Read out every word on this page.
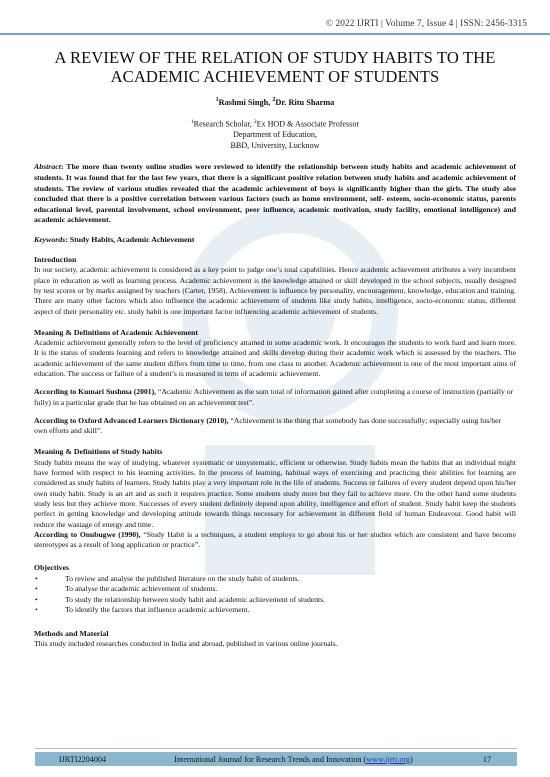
© 2022 IJRTI | Volume 7, Issue 4 | ISSN: 2456-3315
A REVIEW OF THE RELATION OF STUDY HABITS TO THE ACADEMIC ACHIEVEMENT OF STUDENTS
$^1$Rashmi Singh, $^2$Dr. Ritu Sharma
$^1$Research Scholar, $^2$Ex HOD & Associate Professor
Department of Education,
BBD, University, Lucknow
Abstract: The more than twenty online studies were reviewed to identify the relationship between study habits and academic achievement of students. It was found that for the last few years, that there is a significant positive relation between study habits and academic achievement of students. The review of various studies revealed that the academic achievement of boys is significantly higher than the girls. The study also concluded that there is a positive correlation between various factors (such as home environment, self- esteem, socio-economic status, parents educational level, parental involvement, school environment, peer influence, academic motivation, study facility, emotional intelligence) and academic achievement.
Keywords: Study Habits, Academic Achievement
Introduction
In our society, academic achievement is considered as a key point to judge one’s total capabilities. Hence academic achievement attributes a very incumbent place in education as well as learning process. Academic achievement is the knowledge attained or skill developed in the school subjects, usually designed by test scores or by marks assigned by teachers (Carter, 1958). Achievement is influence by personality, encouragement, knowledge, education and training. There are many other factors which also influence the academic achievement of students like study habits, intelligence, socio-economic status, different aspect of their personality etc. study habit is one important factor influencing academic achievement of students.
Meaning & Definitions of Academic Achievement
Academic achievement generally refers to the level of proficiency attained in some academic work. It encourages the students to work hard and learn more. It is the status of students learning and refers to knowledge attained and skills develop during their academic work which is assessed by the teachers. The academic achievement of the same student differs from time to time, from one class to another. Academic achievement is one of the most important aims of education. The success or failure of a student’s is measured in term of academic achievement.
According to Kumari Sushma (2001), “Academic Achievement as the sum total of information gained after completing a course of instruction (partially or fully) in a particular grade that he has obtained on an achievement test”.
According to Oxford Advanced Learners Dictionary (2010), “Achievement is the thing that somebody has done successfully; especially using his/her own efforts and skill”.
Meaning & Definitions of Study habits
Study habits means the way of studying, whatever systematic or unsystematic, efficient or otherwise. Study habits mean the habits that an individual might have formed with respect to his learning activities. In the process of learning, habitual ways of exercising and practicing their abilities for learning are considered as study habits of learners. Study habits play a very important role in the life of students. Success or failures of every student depend upon his/her own study habit. Study is an art and as such it requires practice. Some students study more but they fail to achieve more. On the other hand some students study less but they achieve more. Successes of every student definitely depend upon ability, intelligence and effort of student. Study habit keep the students perfect in getting knowledge and developing attitude towards things necessary for achievement in different field of human Endeavour. Good habit will reduce the wastage of energy and time.
According to Onubugwe (1990), “Study Habit is a techniques, a student employs to go about his or her studies which are consistent and have become stereotypes as a result of long application or practice”.
Objectives
•	To review and analyse the published literature on the study habit of students.
•	To analyse the academic achievement of students.
•	To study the relationship between study habit and academic achievement of students.
•	To identify the factors that influence academic achievement.
Methods and Material
This study included researches conducted in India and abroad, published in various online journals.
IJRTI2204004	International Journal for Research Trends and Innovation (www.ijrti.org)	17
